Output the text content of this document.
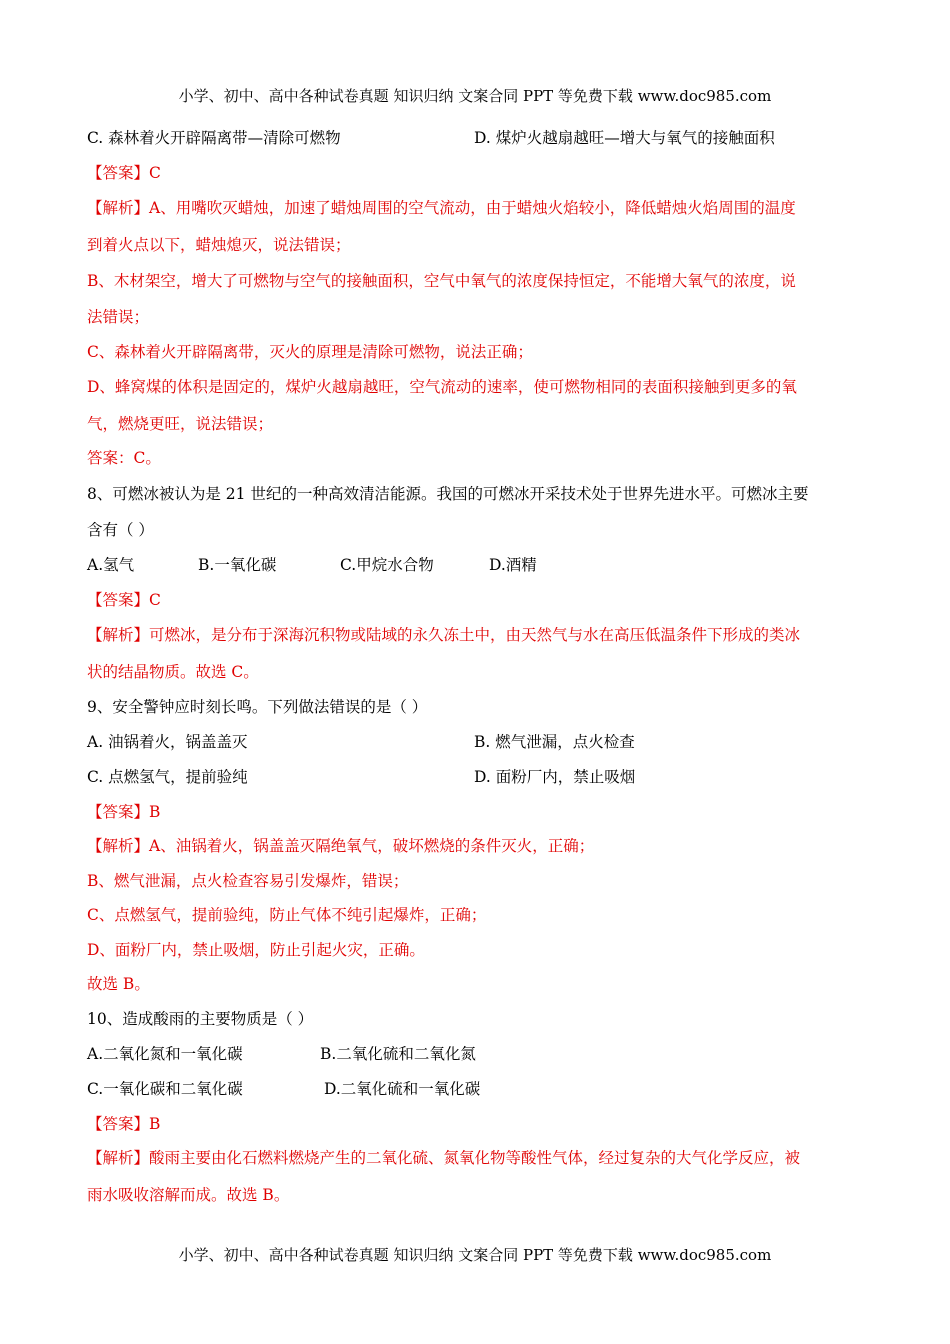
小学、初中、高中各种试卷真题 知识归纳 文案合同 PPT 等免费下载 www.doc985.com
C. 森林着火开辟隔离带—清除可燃物	D. 煤炉火越扇越旺—增大与氧气的接触面积
【答案】C
【解析】A、用嘴吹灭蜡烛，加速了蜡烛周围的空气流动，由于蜡烛火焰较小，降低蜡烛火焰周围的温度
到着火点以下，蜡烛熄灭，说法错误；
B、木材架空，增大了可燃物与空气的接触面积，空气中氧气的浓度保持恒定，不能增大氧气的浓度，说
法错误；
C、森林着火开辟隔离带，灭火的原理是清除可燃物，说法正确；
D、蜂窝煤的体积是固定的，煤炉火越扇越旺，空气流动的速率，使可燃物相同的表面积接触到更多的氧
气，燃烧更旺，说法错误；
答案：C。
8、可燃冰被认为是 21 世纪的一种高效清洁能源。我国的可燃冰开采技术处于世界先进水平。可燃冰主要
含有（ ）
A.氢气	B.一氧化碳	C.甲烷水合物	D.酒精
【答案】C
【解析】可燃冰，是分布于深海沉积物或陆域的永久冻土中，由天然气与水在高压低温条件下形成的类冰
状的结晶物质。故选 C。
9、安全警钟应时刻长鸣。下列做法错误的是（ ）
A. 油锅着火，锅盖盖灭	B. 燃气泄漏，点火检查
C. 点燃氢气，提前验纯	D. 面粉厂内，禁止吸烟
【答案】B
【解析】A、油锅着火，锅盖盖灭隔绝氧气，破坏燃烧的条件灭火，正确；
B、燃气泄漏，点火检查容易引发爆炸，错误；
C、点燃氢气，提前验纯，防止气体不纯引起爆炸，正确；
D、面粉厂内，禁止吸烟，防止引起火灾，正确。
故选 B。
10、造成酸雨的主要物质是（ ）
A.二氧化氮和一氧化碳	B.二氧化硫和二氧化氮
C.一氧化碳和二氧化碳	D.二氧化硫和一氧化碳
【答案】B
【解析】酸雨主要由化石燃料燃烧产生的二氧化硫、氮氧化物等酸性气体，经过复杂的大气化学反应，被
雨水吸收溶解而成。故选 B。
小学、初中、高中各种试卷真题 知识归纳 文案合同 PPT 等免费下载 www.doc985.com
